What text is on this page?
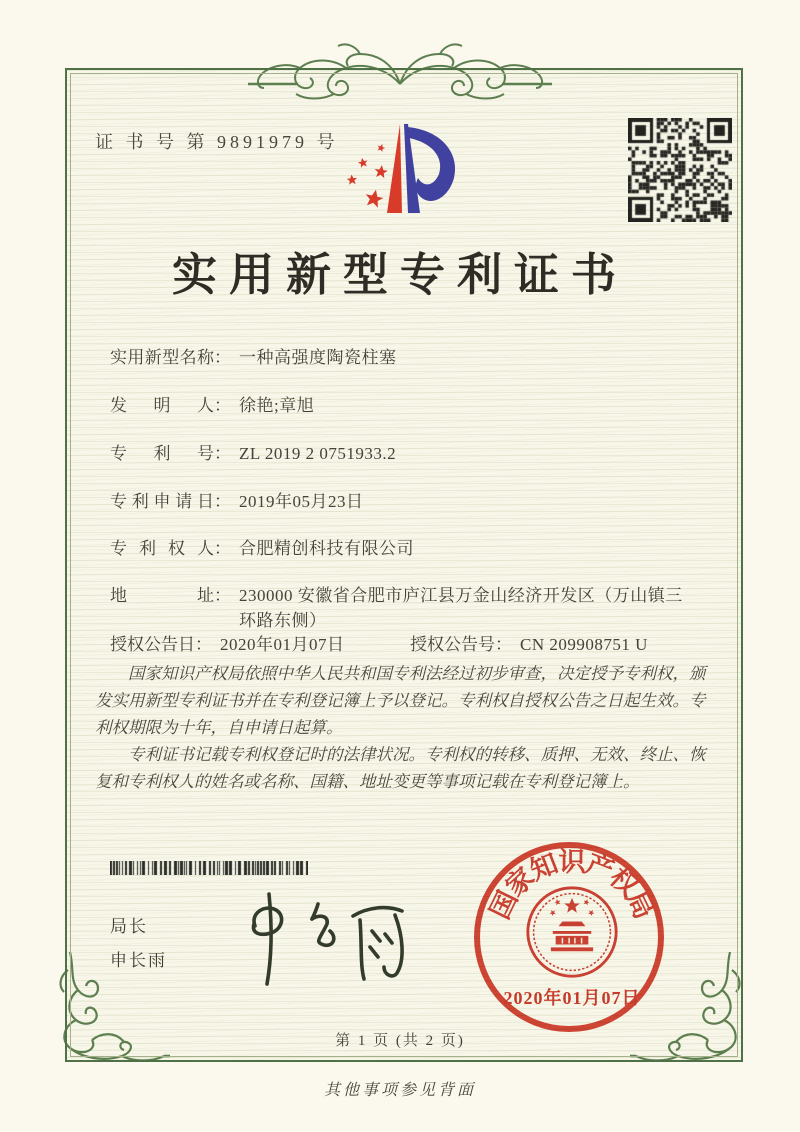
证 书 号 第 9891979 号
实用新型专利证书
实用新型名称： 一种高强度陶瓷柱塞
发明人： 徐艳;章旭
专利号： ZL 2019 2 0751933.2
专利申请日： 2019年05月23日
专利权人： 合肥精创科技有限公司
地址： 230000 安徽省合肥市庐江县万金山经济开发区（万山镇三环路东侧）
授权公告日： 2020年01月07日	授权公告号： CN 209908751 U

国家知识产权局依照中华人民共和国专利法经过初步审查，决定授予专利权，颁发实用新型专利证书并在专利登记簿上予以登记。专利权自授权公告之日起生效。专利权期限为十年，自申请日起算。

专利证书记载专利权登记时的法律状况。专利权的转移、质押、无效、终止、恢复和专利权人的姓名或名称、国籍、地址变更等事项记载在专利登记簿上。

局长
申长雨
国
家
知
识
产
权
局
2020年01月07日
第 1 页 (共 2 页)
其他事项参见背面
